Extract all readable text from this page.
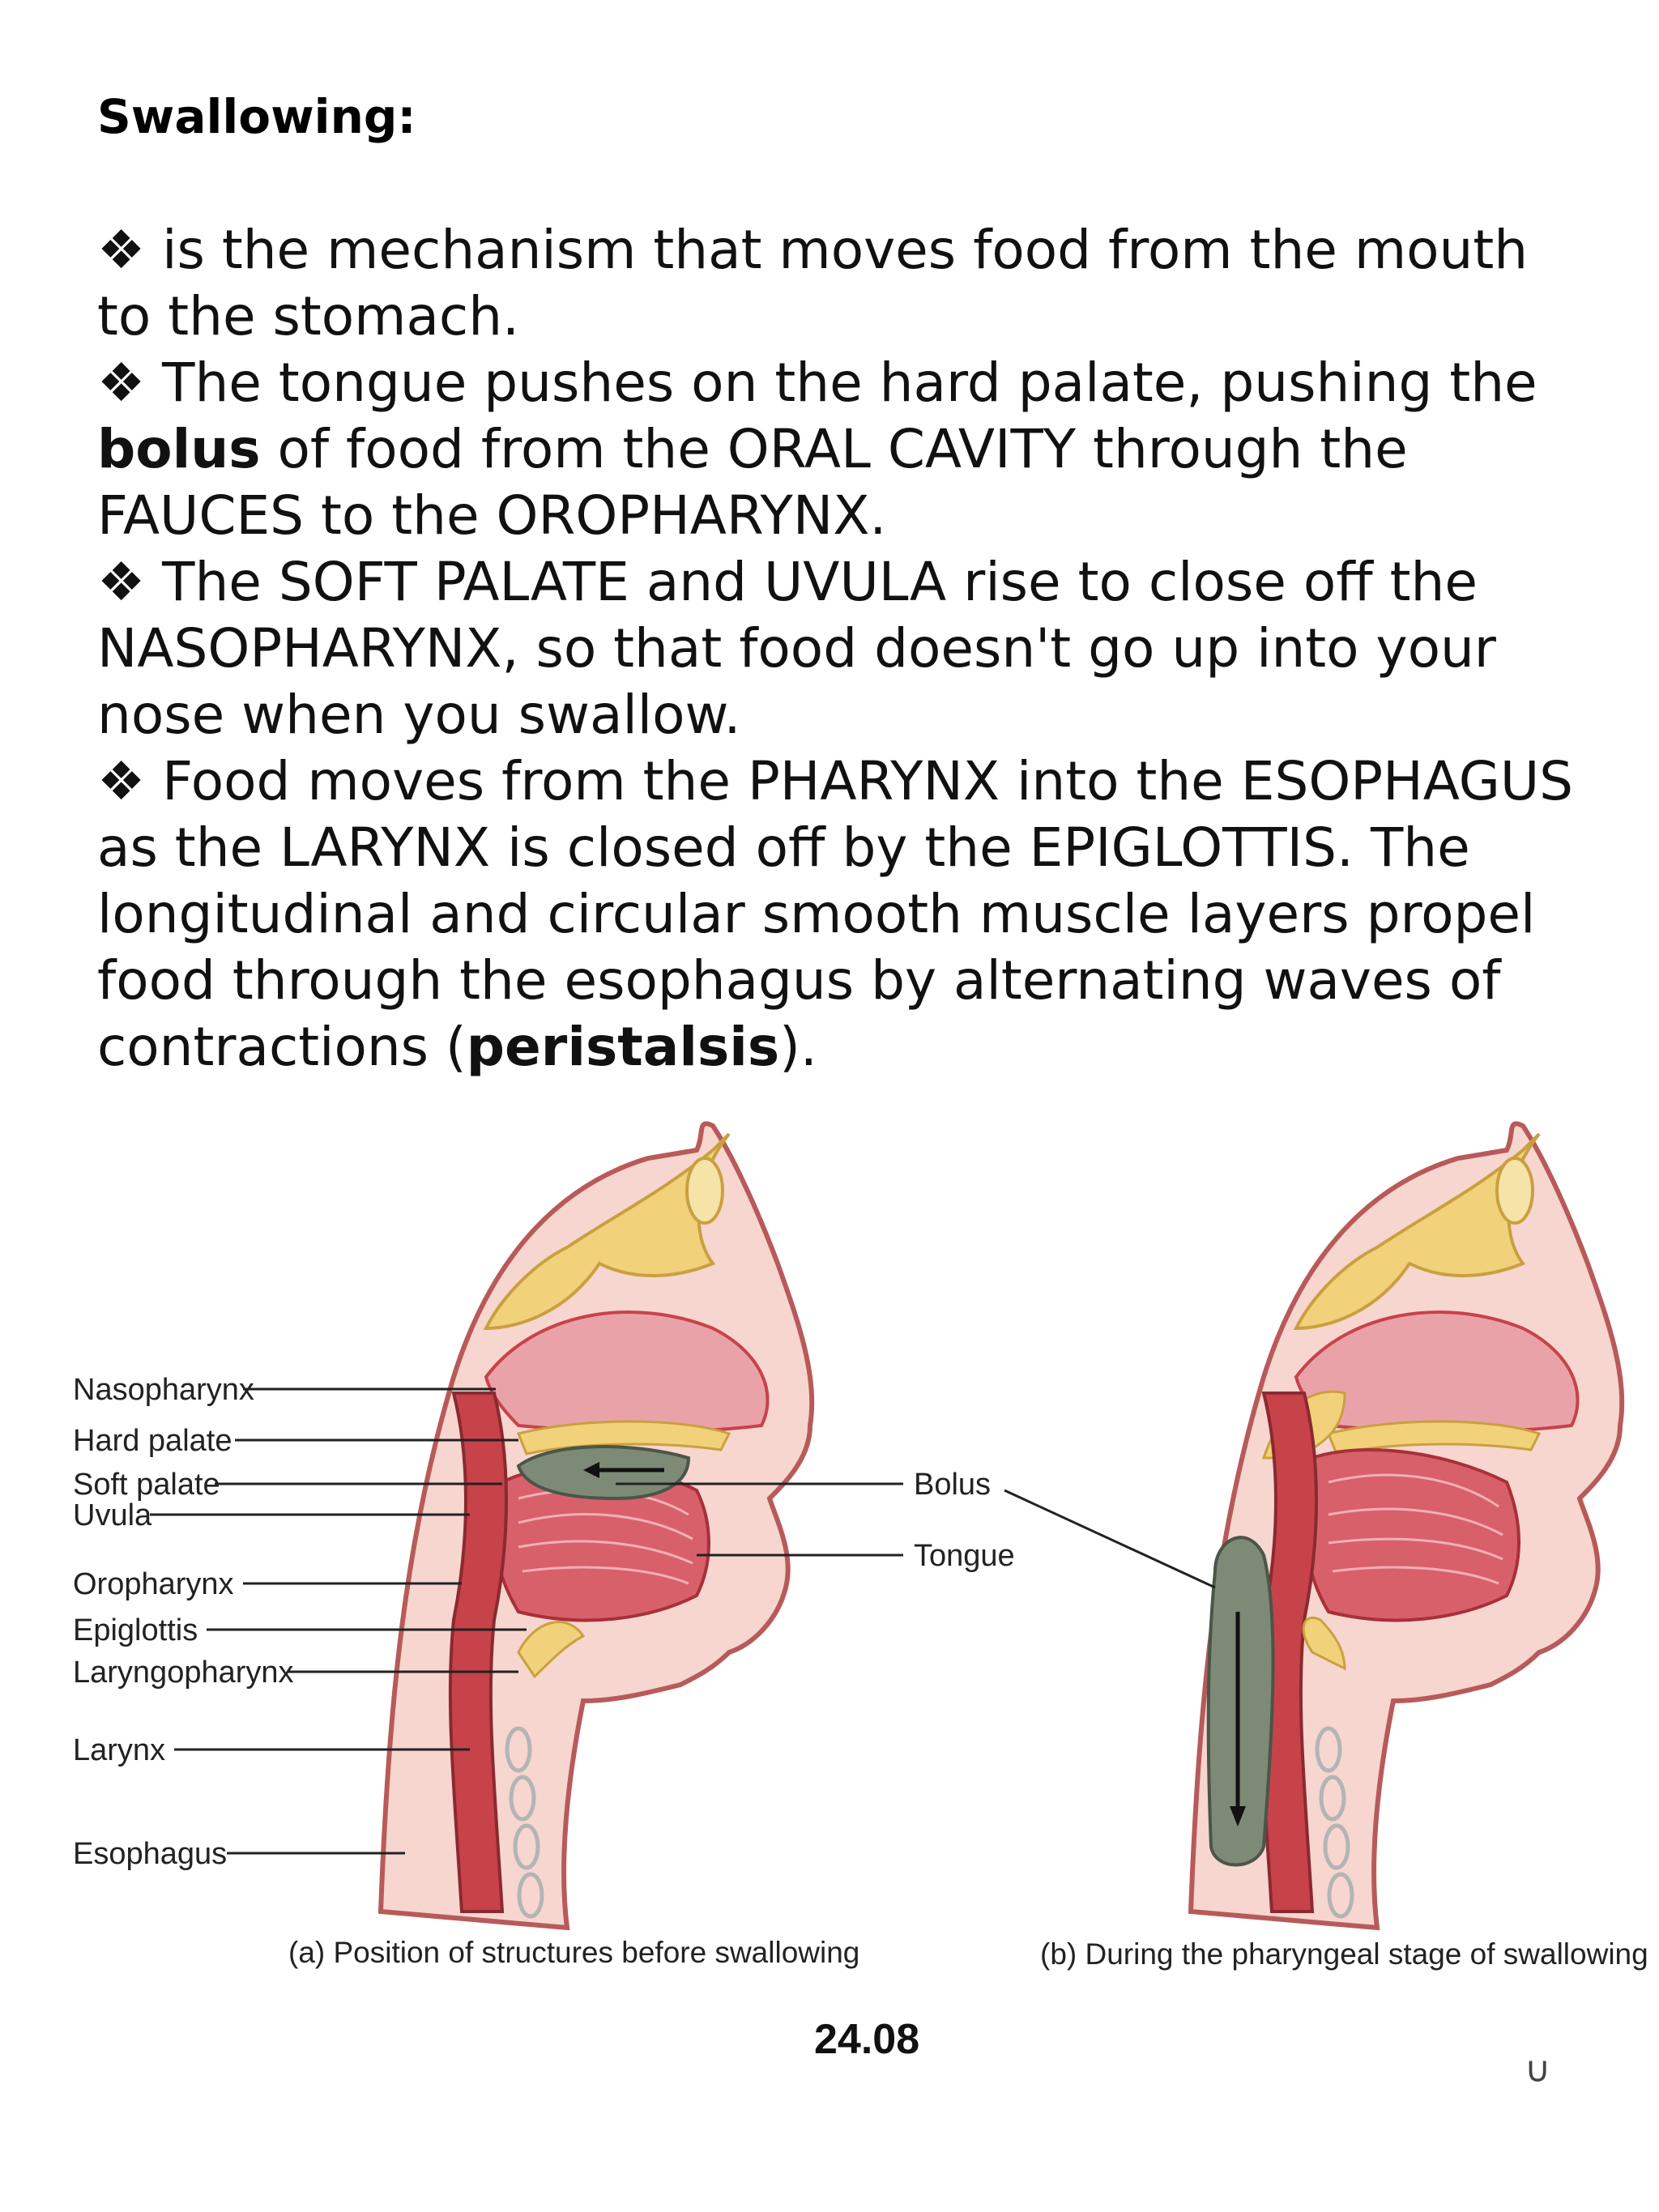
Swallowing:

❖ is the mechanism that moves food from the mouth to the stomach.

❖ The tongue pushes on the hard palate, pushing the bolus of food from the ORAL CAVITY through the FAUCES to the OROPHARYNX.

❖ The SOFT PALATE and UVULA rise to close off the NASOPHARYNX, so that food doesn't go up into your nose when you swallow.

❖ Food moves from the PHARYNX into the ESOPHAGUS as the LARYNX is closed off by the EPIGLOTTIS. The longitudinal and circular smooth muscle layers propel food through the esophagus by alternating waves of contractions (peristalsis).

Nasopharynx
Hard palate
Soft palate
Uvula
Oropharynx
Epiglottis
Laryngopharynx
Larynx
Esophagus
Bolus
Tongue
(a) Position of structures before swallowing	(b) During the pharyngeal stage of swallowing
24.08
∪
